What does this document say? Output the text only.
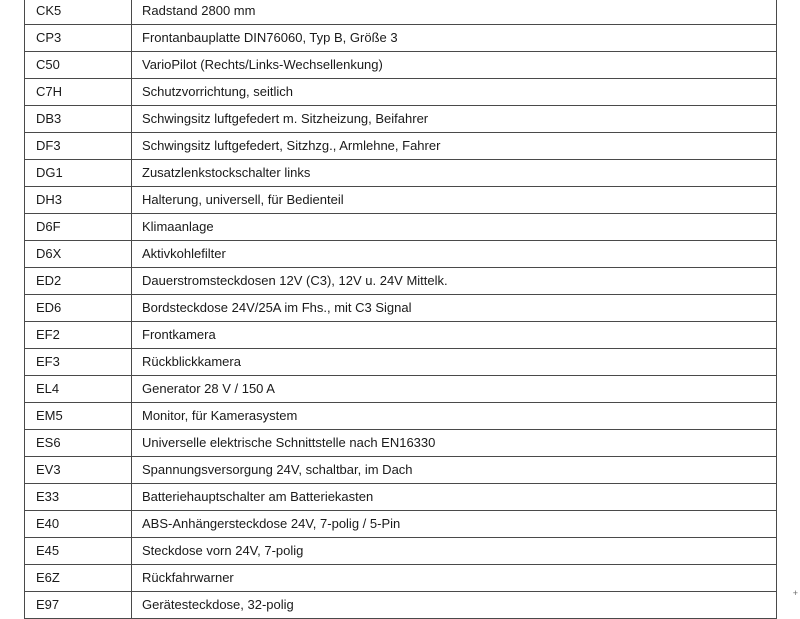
CK5	Radstand 2800 mm
CP3	Frontanbauplatte DIN76060, Typ B, Größe 3
C50	VarioPilot (Rechts/Links-Wechsellenkung)
C7H	Schutzvorrichtung, seitlich
DB3	Schwingsitz luftgefedert m. Sitzheizung, Beifahrer
DF3	Schwingsitz luftgefedert, Sitzhzg., Armlehne, Fahrer
DG1	Zusatzlenkstockschalter links
DH3	Halterung, universell, für Bedienteil
D6F	Klimaanlage
D6X	Aktivkohlefilter
ED2	Dauerstromsteckdosen 12V (C3), 12V u. 24V Mittelk.
ED6	Bordsteckdose 24V/25A im Fhs., mit C3 Signal
EF2	Frontkamera
EF3	Rückblickkamera
EL4	Generator 28 V / 150 A
EM5	Monitor, für Kamerasystem
ES6	Universelle elektrische Schnittstelle nach EN16330
EV3	Spannungsversorgung 24V, schaltbar, im Dach
E33	Batteriehauptschalter am Batteriekasten
E40	ABS-Anhängersteckdose 24V, 7-polig / 5-Pin
E45	Steckdose vorn 24V, 7-polig
E6Z	Rückfahrwarner
E97	Gerätesteckdose, 32-polig
+
